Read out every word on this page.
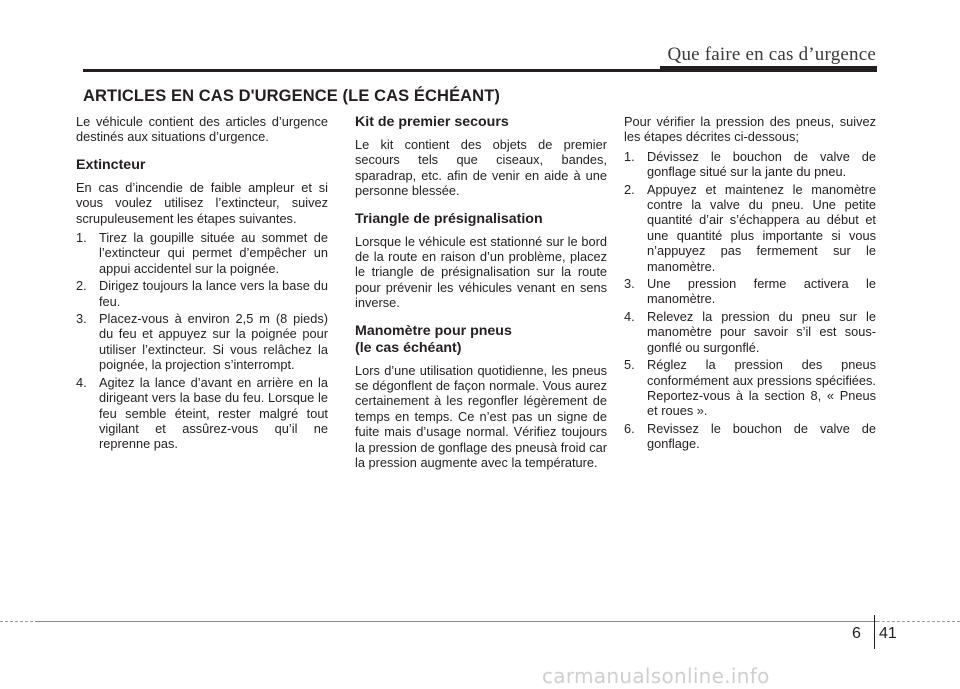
Que faire en cas d’urgence
ARTICLES EN CAS D'URGENCE (LE CAS ÉCHÉANT)

Le véhicule contient des articles d’urgence destinés aux situations d’urgence.

Extincteur

En cas d’incendie de faible ampleur et si vous voulez utilisez l’extincteur, suivez scrupuleusement les étapes suivantes.

1. Tirez la goupille située au sommet de l’extincteur qui permet d’empêcher un appui accidentel sur la poignée.
2. Dirigez toujours la lance vers la base du feu.
3. Placez-vous à environ 2,5 m (8 pieds) du feu et appuyez sur la poignée pour utiliser l’extincteur. Si vous relâchez la poignée, la projection s’interrompt.
4. Agitez la lance d’avant en arrière en la dirigeant vers la base du feu. Lorsque le feu semble éteint, rester malgré tout vigilant et assûrez-vous qu’il ne reprenne pas.
Kit de premier secours

Le kit contient des objets de premier secours tels que ciseaux, bandes, sparadrap, etc. afin de venir en aide à une personne blessée.

Triangle de présignalisation

Lorsque le véhicule est stationné sur le bord de la route en raison d’un problème, placez le triangle de présignalisation sur la route pour prévenir les véhicules venant en sens inverse.

Manomètre pour pneus
(le cas échéant)

Lors d’une utilisation quotidienne, les pneus se dégonflent de façon normale. Vous aurez certainement à les regonfler légèrement de temps en temps. Ce n’est pas un signe de fuite mais d’usage normal. Vérifiez toujours la pression de gonflage des pneusà froid car la pression augmente avec la température.

Pour vérifier la pression des pneus, suivez les étapes décrites ci-dessous;

1. Dévissez le bouchon de valve de gonflage situé sur la jante du pneu.
2. Appuyez et maintenez le manomètre contre la valve du pneu. Une petite quantité d’air s’échappera au début et une quantité plus importante si vous n’appuyez pas fermement sur le manomètre.
3. Une pression ferme activera le manomètre.
4. Relevez la pression du pneu sur le manomètre pour savoir s’il est sous-gonflé ou surgonflé.
5. Réglez la pression des pneus conformément aux pressions spécifiées. Reportez-vous à la section 8, « Pneus et roues ».
6. Revissez le bouchon de valve de gonflage.
6 41
carmanualsonline.info
